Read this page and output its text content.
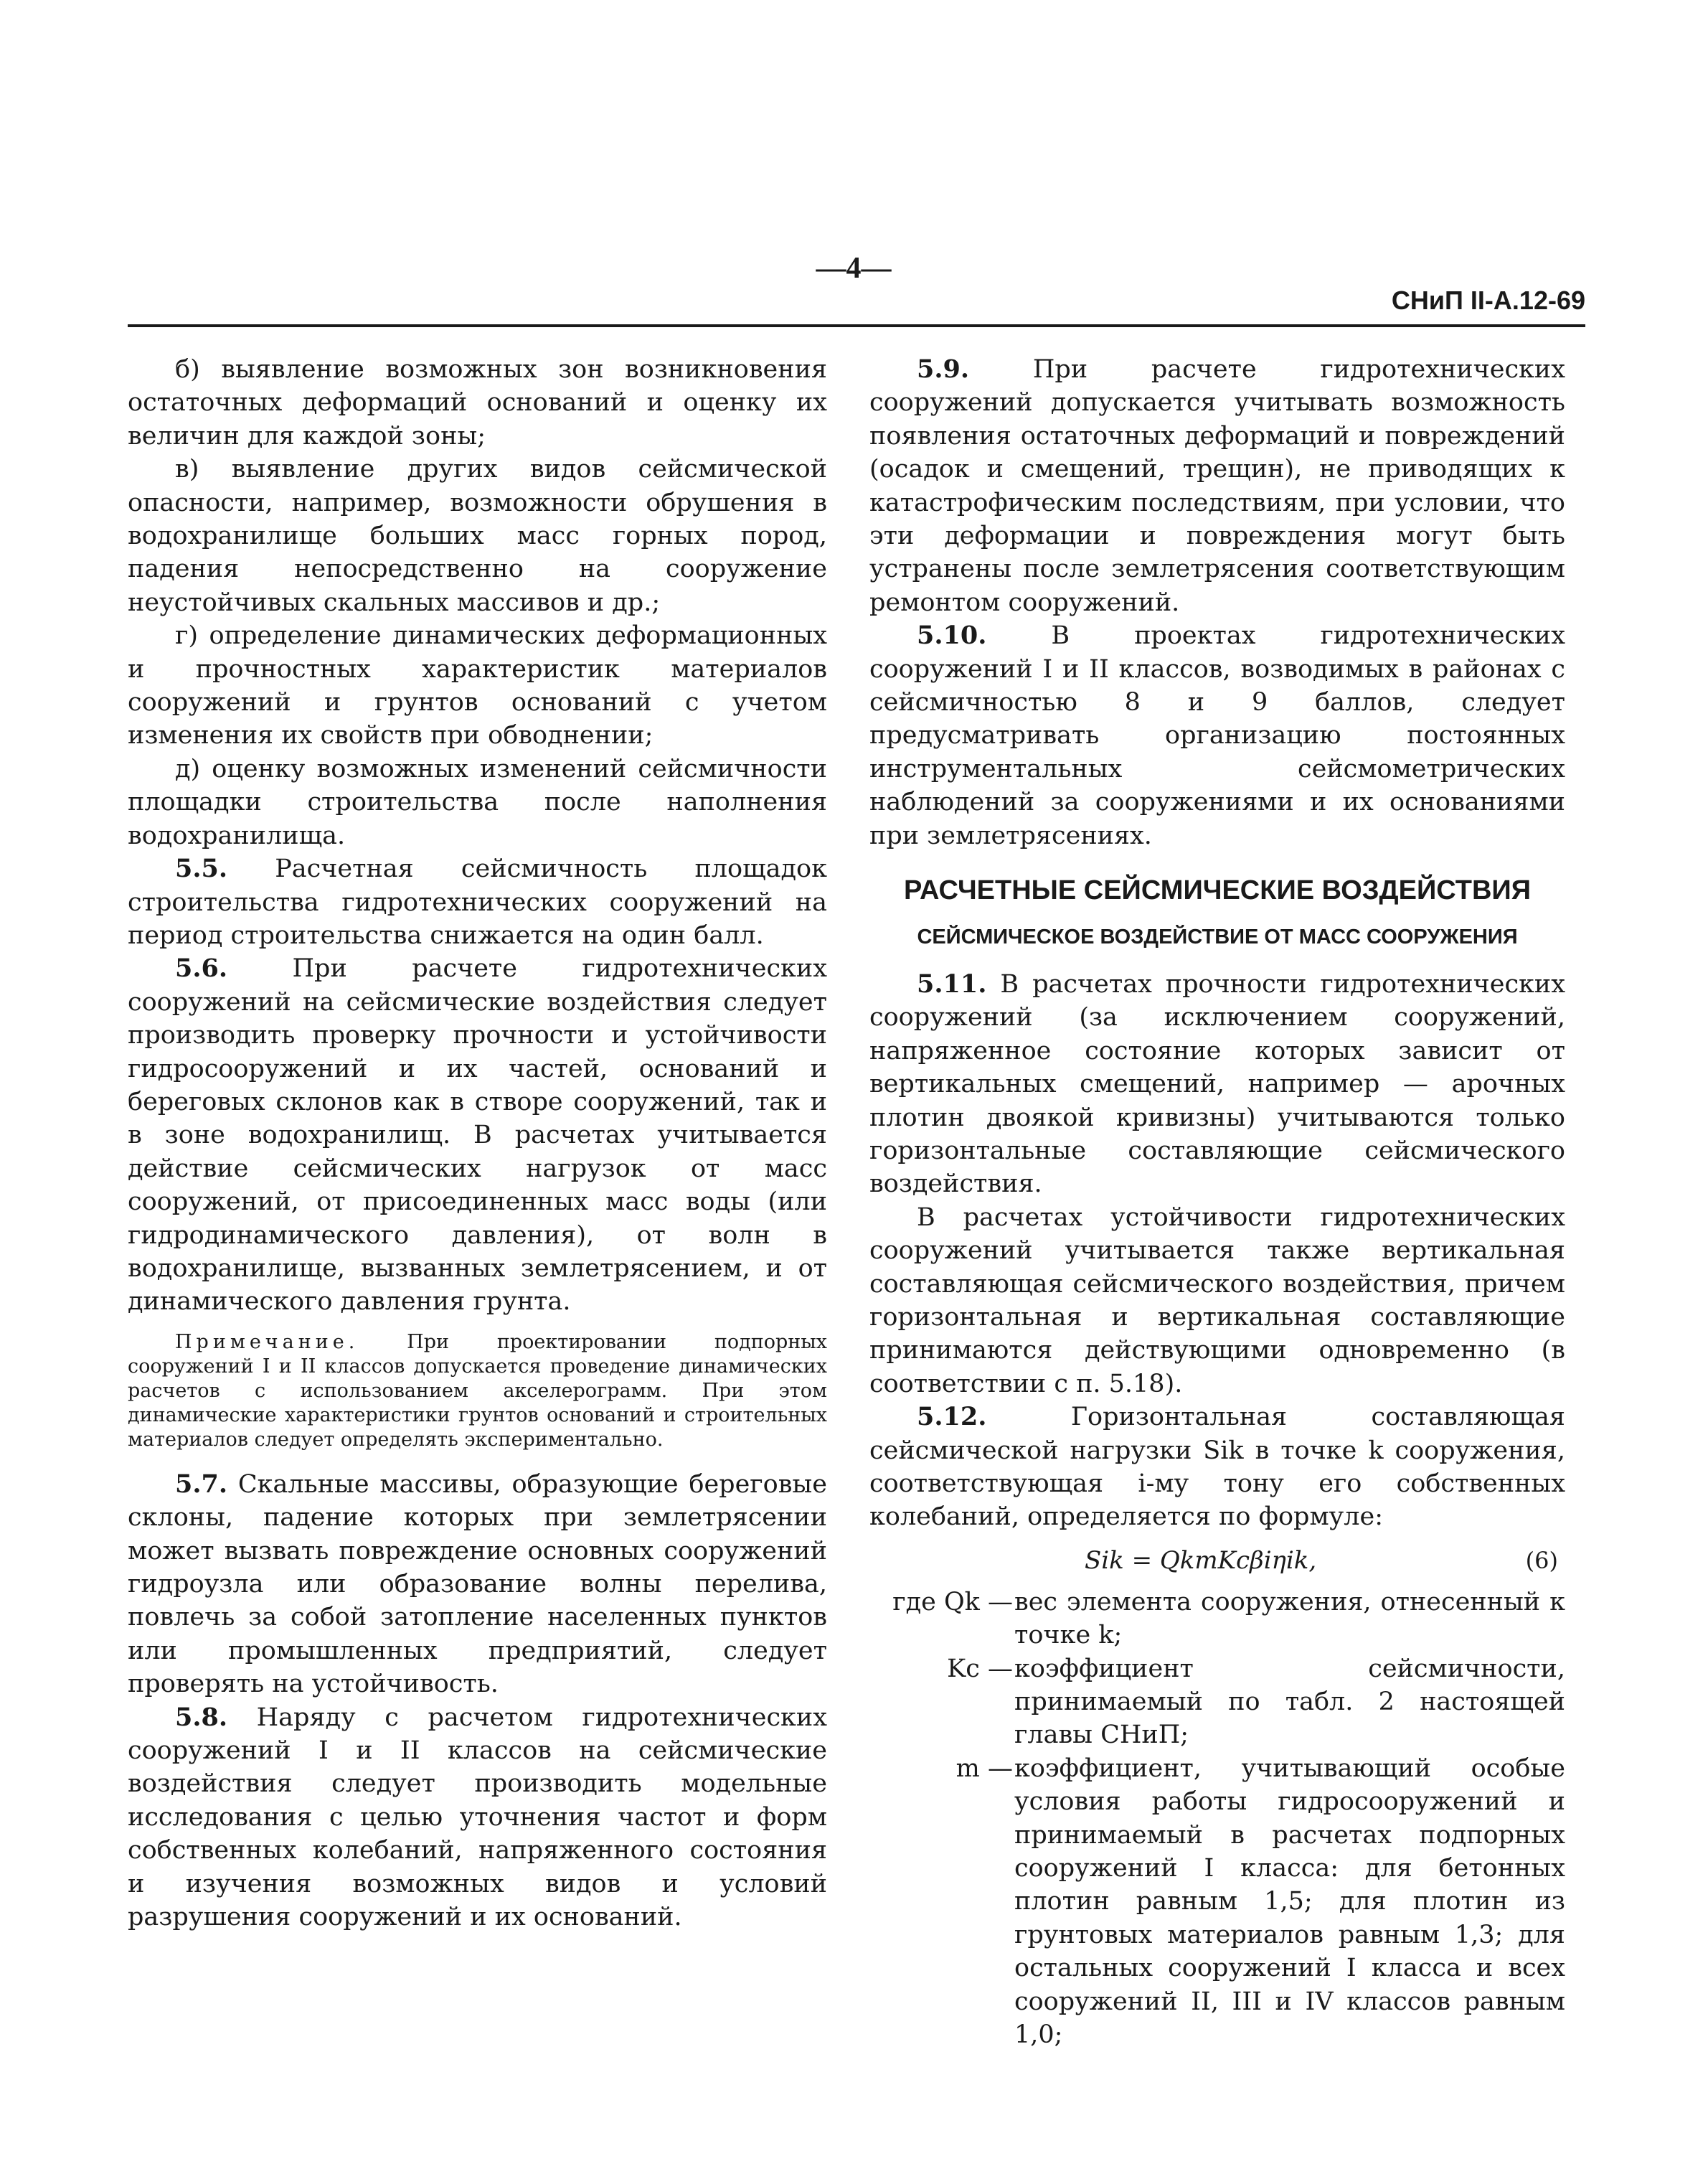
—4—
СНиП II-А.12-69

б) выявление возможных зон возникновения остаточных деформаций оснований и оценку их величин для каждой зоны;

в) выявление других видов сейсмической опасности, например, возможности обрушения в водохранилище больших масс горных пород, падения непосредственно на сооружение неустойчивых скальных массивов и др.;

г) определение динамических деформационных и прочностных характеристик материалов сооружений и грунтов оснований с учетом изменения их свойств при обводнении;

д) оценку возможных изменений сейсмичности площадки строительства после наполнения водохранилища.

5.5. Расчетная сейсмичность площадок строительства гидротехнических сооружений на период строительства снижается на один балл.

5.6. При расчете гидротехнических сооружений на сейсмические воздействия следует производить проверку прочности и устойчивости гидросооружений и их частей, оснований и береговых склонов как в створе сооружений, так и в зоне водохранилищ. В расчетах учитывается действие сейсмических нагрузок от масс сооружений, от присоединенных масс воды (или гидродинамического давления), от волн в водохранилище, вызванных землетрясением, и от динамического давления грунта.

Примечание. При проектировании подпорных сооружений I и II классов допускается проведение динамических расчетов с использованием акселерограмм. При этом динамические характеристики грунтов оснований и строительных материалов следует определять экспериментально.

5.7. Скальные массивы, образующие береговые склоны, падение которых при землетрясении может вызвать повреждение основных сооружений гидроузла или образование волны перелива, повлечь за собой затопление населенных пунктов или промышленных предприятий, следует проверять на устойчивость.

5.8. Наряду с расчетом гидротехнических сооружений I и II классов на сейсмические воздействия следует производить модельные исследования с целью уточнения частот и форм собственных колебаний, напряженного состояния и изучения возможных видов и условий разрушения сооружений и их оснований.

5.9. При расчете гидротехнических сооружений допускается учитывать возможность появления остаточных деформаций и повреждений (осадок и смещений, трещин), не приводящих к катастрофическим последствиям, при условии, что эти деформации и повреждения могут быть устранены после землетрясения соответствующим ремонтом сооружений.

5.10. В проектах гидротехнических сооружений I и II классов, возводимых в районах с сейсмичностью 8 и 9 баллов, следует предусматривать организацию постоянных инструментальных сейсмометрических наблюдений за сооружениями и их основаниями при землетрясениях.

РАСЧЕТНЫЕ СЕЙСМИЧЕСКИЕ ВОЗДЕЙСТВИЯ
СЕЙСМИЧЕСКОЕ ВОЗДЕЙСТВИЕ ОТ МАСС СООРУЖЕНИЯ

5.11. В расчетах прочности гидротехнических сооружений (за исключением сооружений, напряженное состояние которых зависит от вертикальных смещений, например — арочных плотин двоякой кривизны) учитываются только горизонтальные составляющие сейсмического воздействия.

В расчетах устойчивости гидротехнических сооружений учитывается также вертикальная составляющая сейсмического воздействия, причем горизонтальная и вертикальная составляющие принимаются действующими одновременно (в соответствии с п. 5.18).

5.12. Горизонтальная составляющая сейсмической нагрузки Sik в точке k сооружения, соответствующая i-му тону его собственных колебаний, определяется по формуле:

Sik = QkmKcβiηik,	(6)
где Qk —	вес элемента сооружения, отнесенный к точке k;
Kc —	коэффициент сейсмичности, принимаемый по табл. 2 настоящей главы СНиП;
m —	коэффициент, учитывающий особые условия работы гидросооружений и принимаемый в расчетах подпорных сооружений I класса: для бетонных плотин равным 1,5; для плотин из грунтовых материалов равным 1,3; для остальных сооружений I класса и всех сооружений II, III и IV классов равным 1,0;
